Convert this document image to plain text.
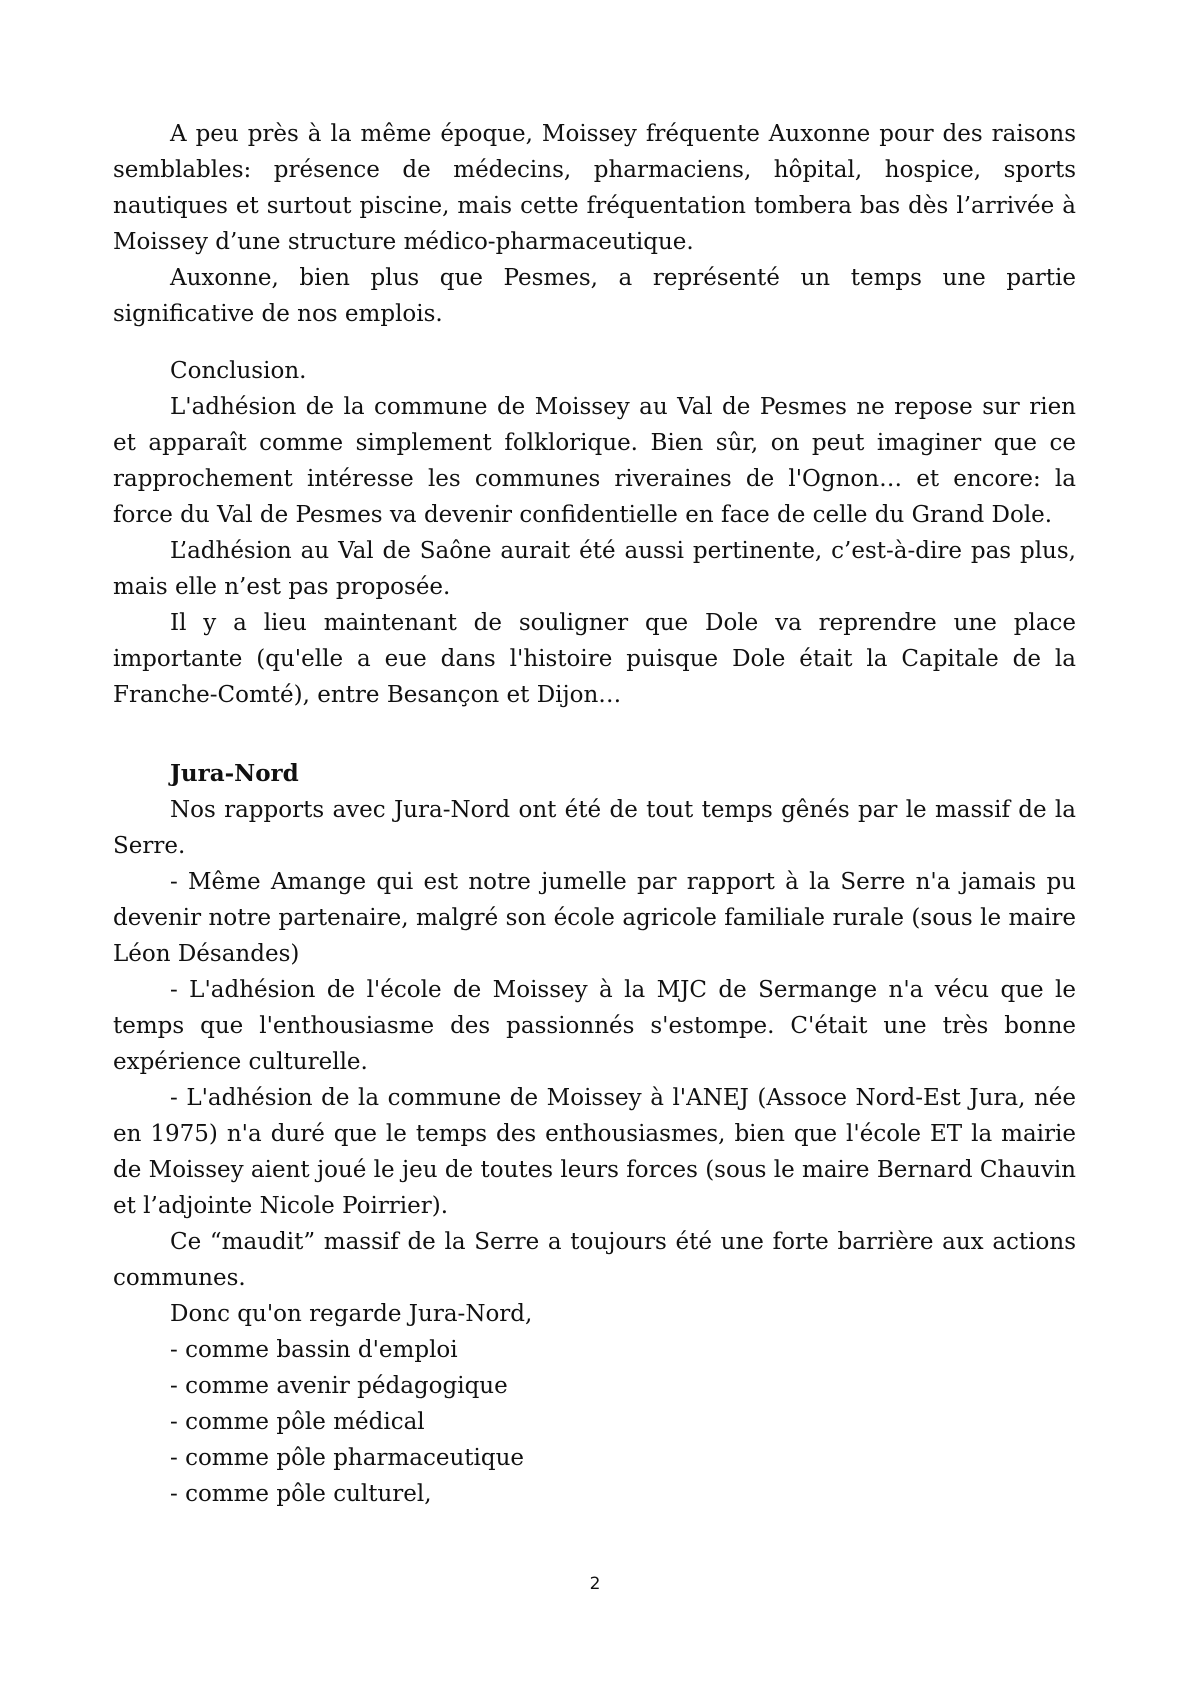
A peu près à la même époque, Moissey fréquente Auxonne pour des raisons semblables: présence de médecins, pharmaciens, hôpital, hospice, sports nautiques et surtout piscine, mais cette fréquentation tombera bas dès l’arrivée à Moissey d’une structure médico-pharmaceutique.

Auxonne, bien plus que Pesmes, a représenté un temps une partie significative de nos emplois.

Conclusion.

L'adhésion de la commune de Moissey au Val de Pesmes ne repose sur rien et apparaît comme simplement folklorique. Bien sûr, on peut imaginer que ce rapprochement intéresse les communes riveraines de l'Ognon… et encore: la force du Val de Pesmes va devenir confidentielle en face de celle du Grand Dole.

L’adhésion au Val de Saône aurait été aussi pertinente, c’est-à-dire pas plus, mais elle n’est pas proposée.

Il y a lieu maintenant de souligner que Dole va reprendre une place importante (qu'elle a eue dans l'histoire puisque Dole était la Capitale de la Franche-Comté), entre Besançon et Dijon…

Jura-Nord

Nos rapports avec Jura-Nord ont été de tout temps gênés par le massif de la Serre.

- Même Amange qui est notre jumelle par rapport à la Serre n'a jamais pu devenir notre partenaire, malgré son école agricole familiale rurale (sous le maire Léon Désandes)

- L'adhésion de l'école de Moissey à la MJC de Sermange n'a vécu que le temps que l'enthousiasme des passionnés s'estompe. C'était une très bonne expérience culturelle.

- L'adhésion de la commune de Moissey à l'ANEJ (Assoce Nord-Est Jura, née en 1975) n'a duré que le temps des enthousiasmes, bien que l'école ET la mairie de Moissey aient joué le jeu de toutes leurs forces (sous le maire Bernard Chauvin et l’adjointe Nicole Poirrier).

Ce “maudit” massif de la Serre a toujours été une forte barrière aux actions communes.

Donc qu'on regarde Jura-Nord,

- comme bassin d'emploi
- comme avenir pédagogique
- comme pôle médical
- comme pôle pharmaceutique
- comme pôle culturel,
2
